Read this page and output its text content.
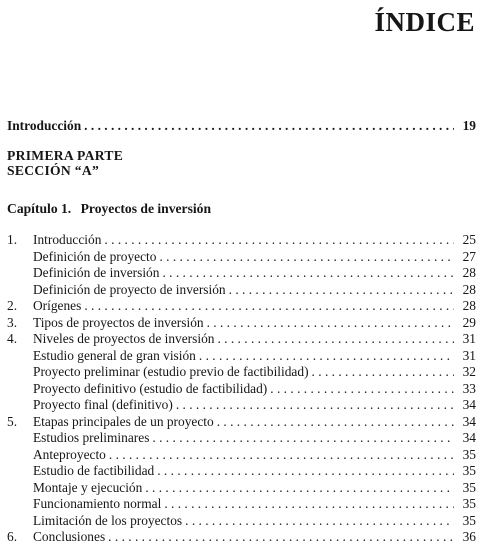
ÍNDICE
Introducción . . .	19
PRIMERA PARTE
SECCIÓN “A”
Capítulo 1. Proyectos de inversión
1. Introducción . . .	25
Definición de proyecto . . .	27
Definición de inversión . . .	28
Definición de proyecto de inversión . . .	28
2. Orígenes . . .	28
3. Tipos de proyectos de inversión . . .	29
4. Niveles de proyectos de inversión . . .	31
Estudio general de gran visión . . .	31
Proyecto preliminar (estudio previo de factibilidad) . . .	32
Proyecto definitivo (estudio de factibilidad) . . .	33
Proyecto final (definitivo) . . .	34
5. Etapas principales de un proyecto . . .	34
Estudios preliminares . . .	34
Anteproyecto . . .	35
Estudio de factibilidad . . .	35
Montaje y ejecución . . .	35
Funcionamiento normal . . .	35
Limitación de los proyectos . . .	35
6. Conclusiones . . .	36
